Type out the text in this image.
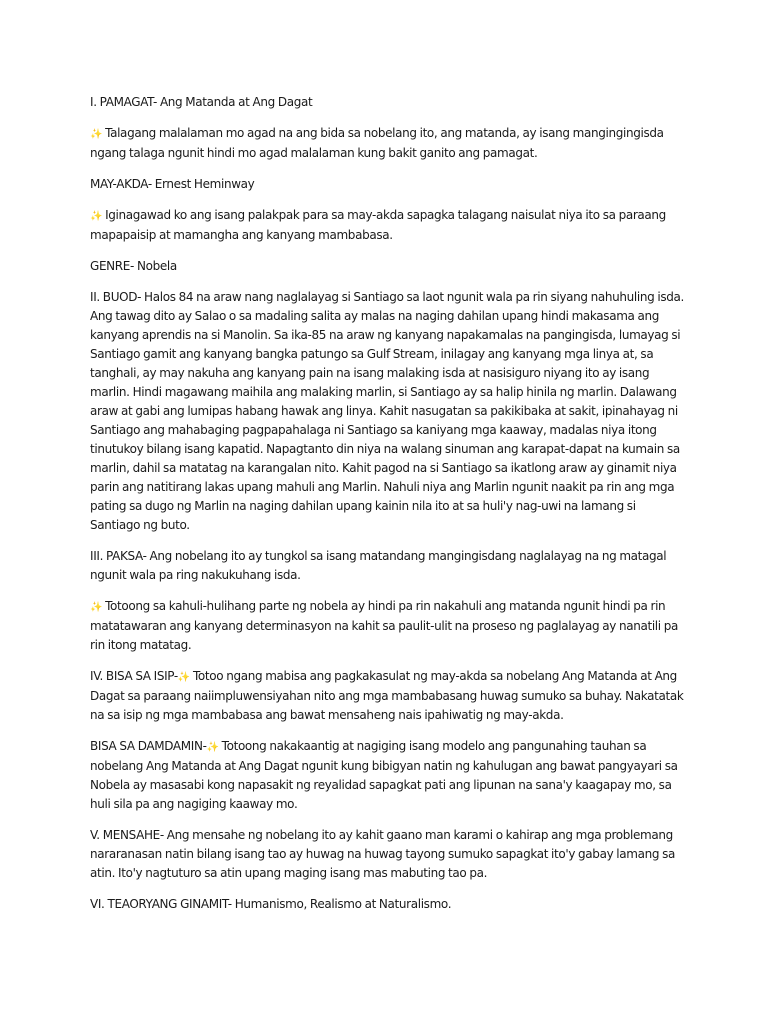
I. PAMAGAT- Ang Matanda at Ang Dagat

✨ Talagang malalaman mo agad na ang bida sa nobelang ito, ang matanda, ay isang mangingingisda ngang talaga ngunit hindi mo agad malalaman kung bakit ganito ang pamagat.

MAY-AKDA- Ernest Heminway

✨ Iginagawad ko ang isang palakpak para sa may-akda sapagka talagang naisulat niya ito sa paraang mapapaisip at mamangha ang kanyang mambabasa.

GENRE- Nobela

II. BUOD- Halos 84 na araw nang naglalayag si Santiago sa laot ngunit wala pa rin siyang nahuhuling isda. Ang tawag dito ay Salao o sa madaling salita ay malas na naging dahilan upang hindi makasama ang kanyang aprendis na si Manolin. Sa ika-85 na araw ng kanyang napakamalas na pangingisda, lumayag si Santiago gamit ang kanyang bangka patungo sa Gulf Stream, inilagay ang kanyang mga linya at, sa tanghali, ay may nakuha ang kanyang pain na isang malaking isda at nasisiguro niyang ito ay isang marlin. Hindi magawang maihila ang malaking marlin, si Santiago ay sa halip hinila ng marlin. Dalawang araw at gabi ang lumipas habang hawak ang linya. Kahit nasugatan sa pakikibaka at sakit, ipinahayag ni Santiago ang mahabaging pagpapahalaga ni Santiago sa kaniyang mga kaaway, madalas niya itong tinutukoy bilang isang kapatid. Napagtanto din niya na walang sinuman ang karapat-dapat na kumain sa marlin, dahil sa matatag na karangalan nito. Kahit pagod na si Santiago sa ikatlong araw ay ginamit niya parin ang natitirang lakas upang mahuli ang Marlin. Nahuli niya ang Marlin ngunit naakit pa rin ang mga pating sa dugo ng Marlin na naging dahilan upang kainin nila ito at sa huli'y nag-uwi na lamang si Santiago ng buto.

III. PAKSA- Ang nobelang ito ay tungkol sa isang matandang mangingisdang naglalayag na ng matagal ngunit wala pa ring nakukuhang isda.

✨ Totoong sa kahuli-hulihang parte ng nobela ay hindi pa rin nakahuli ang matanda ngunit hindi pa rin matatawaran ang kanyang determinasyon na kahit sa paulit-ulit na proseso ng paglalayag ay nanatili pa rin itong matatag.

IV. BISA SA ISIP-✨ Totoo ngang mabisa ang pagkakasulat ng may-akda sa nobelang Ang Matanda at Ang Dagat sa paraang naiimpluwensiyahan nito ang mga mambabasang huwag sumuko sa buhay. Nakatatak na sa isip ng mga mambabasa ang bawat mensaheng nais ipahiwatig ng may-akda.

BISA SA DAMDAMIN-✨ Totoong nakakaantig at nagiging isang modelo ang pangunahing tauhan sa nobelang Ang Matanda at Ang Dagat ngunit kung bibigyan natin ng kahulugan ang bawat pangyayari sa Nobela ay masasabi kong napasakit ng reyalidad sapagkat pati ang lipunan na sana'y kaagapay mo, sa huli sila pa ang nagiging kaaway mo.

V. MENSAHE- Ang mensahe ng nobelang ito ay kahit gaano man karami o kahirap ang mga problemang nararanasan natin bilang isang tao ay huwag na huwag tayong sumuko sapagkat ito'y gabay lamang sa atin. Ito'y nagtuturo sa atin upang maging isang mas mabuting tao pa.

VI. TEAORYANG GINAMIT- Humanismo, Realismo at Naturalismo.
